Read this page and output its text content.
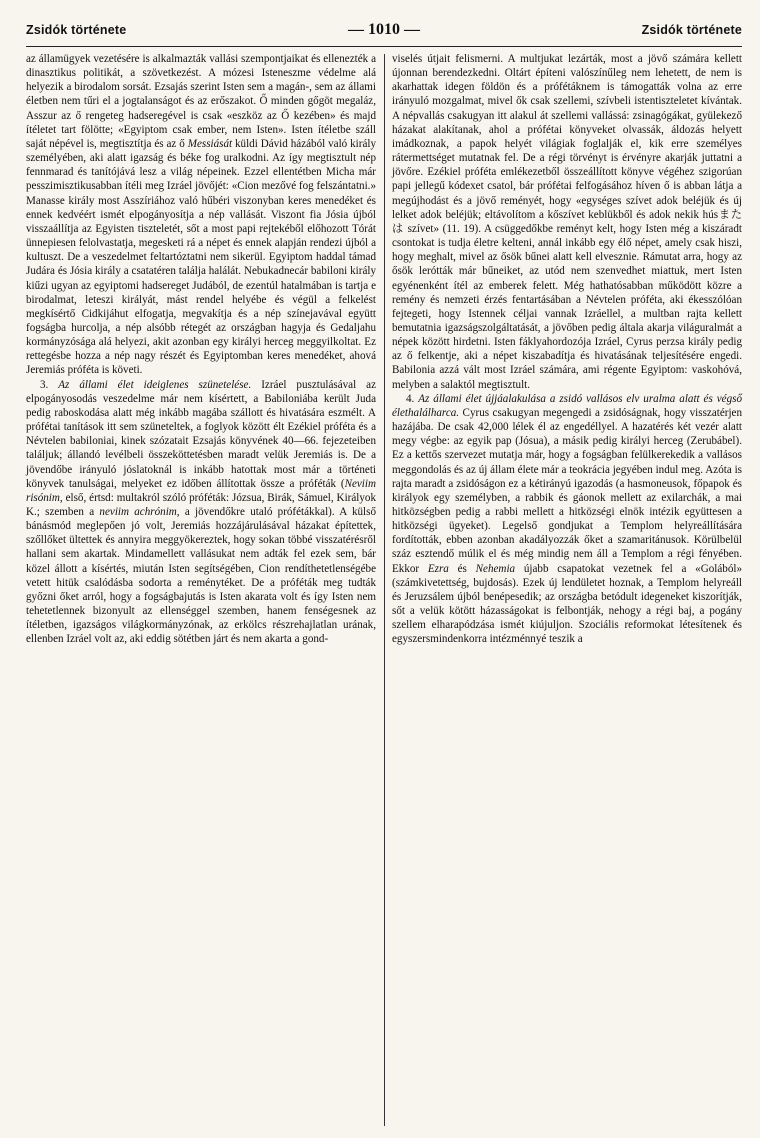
Zsidók története	— 1010 —	Zsidók története

az államügyek vezetésére is alkalmazták vallási szempontjaikat és ellenezték a dinasztikus politikát, a szövetkezést. A mózesi Isteneszme védelme alá helyezik a birodalom sorsát. Ezsajás szerint Isten sem a magán-, sem az állami életben nem tűri el a jogtalanságot és az erőszakot. Ő minden gőgöt megaláz, Asszur az ő rengeteg hadseregével is csak «eszköz az Ő kezében» és majd ítéletet tart fölötte; «Egyiptom csak ember, nem Isten». Isten ítéletbe száll saját népével is, megtisztítja és az ő Messiását küldi Dávid házából való király személyében, aki alatt igazság és béke fog uralkodni. Az így megtisztult nép fennmarad és tanítójává lesz a világ népeinek. Ezzel ellentétben Micha már pesszimisztikusabban ítéli meg Izráel jövőjét: «Cion mezővé fog felszántatni.» Manasse király most Asszíriához való hűbéri viszonyban keres menedéket és ennek kedvéért ismét elpogányosítja a nép vallását. Viszont fia Jósia újból visszaállítja az Egyisten tiszteletét, sőt a most papi rejtekéből előhozott Tórát ünnepiesen felolvastatja, megesketi rá a népet és ennek alapján rendezi újból a kultuszt. De a veszedelmet feltartóztatni nem sikerül. Egyiptom haddal támad Judára és Jósia király a csatatéren találja halálát. Nebukadnecár babiloni király kiűzi ugyan az egyiptomi hadsereget Judából, de ezentúl hatalmában is tartja e birodalmat, leteszi királyát, mást rendel helyébe és végül a felkelést megkísértő Cidkijáhut elfogatja, megvakítja és a nép színejavával együtt fogságba hurcolja, a nép alsóbb rétegét az országban hagyja és Gedaljahu kormányzósága alá helyezi, akit azonban egy királyi herceg meggyilkoltat. Ez rettegésbe hozza a nép nagy részét és Egyiptomban keres menedéket, ahová Jeremiás próféta is követi.

3. Az állami élet ideiglenes szünetelése. Izráel pusztulásával az elpogányosodás veszedelme már nem kísértett, a Babiloniába került Juda pedig raboskodása alatt még inkább magába szállott és hivatására eszmélt. A prófétai tanítások itt sem szüneteltek, a foglyok között élt Ezékiel próféta és a Névtelen babiloniai, kinek szózatait Ezsajás könyvének 40—66. fejezeteiben találjuk; állandó levélbeli összeköttetésben maradt velük Jeremiás is. De a jövendőbe irányuló jóslatoknál is inkább hatottak most már a történeti könyvek tanulságai, melyeket ez időben állítottak össze a próféták (Neviim risónim, első, értsd: multakról szóló próféták: Józsua, Birák, Sámuel, Királyok K.; szemben a neviim achrónim, a jövendőkre utaló prófétákkal). A külső bánásmód meglepően jó volt, Jeremiás hozzájárulásával házakat építettek, szőllőket ültettek és annyira meggyökereztek, hogy sokan többé visszatérésről hallani sem akartak. Mindamellett vallásukat nem adták fel ezek sem, bár közel állott a kísértés, miután Isten segítségében, Cion rendíthetetlenségébe vetett hitük csalódásba sodorta a reménytéket. De a próféták meg tudták győzni őket arról, hogy a fogságbajutás is Isten akarata volt és így Isten nem tehetetlennek bizonyult az ellenséggel szemben, hanem fenségesnek az ítéletben, igazságos világkormányzónak, az erkölcs részrehajlatlan urának, ellenben Izráel volt az, aki eddig sötétben járt és nem akarta a gond-

viselés útjait felismerni. A multjukat lezárták, most a jövő számára kellett újonnan berendezkedni. Oltárt építeni valószínűleg nem lehetett, de nem is akarhattak idegen földön és a prófétáknem is támogatták volna az erre irányuló mozgalmat, mivel ők csak szellemi, szívbeli istentiszteletet kívántak. A népvallás csakugyan itt alakul át szellemi vallássá: zsinagógákat, gyülekező házakat alakítanak, ahol a prófétai könyveket olvassák, áldozás helyett imádkoznak, a papok helyét világiak foglalják el, kik erre személyes rátermettséget mutatnak fel. De a régi törvényt is érvényre akarják juttatni a jövőre. Ezékiel próféta emlékezetből összeállított könyve végéhez szigorúan papi jellegű kódexet csatol, bár prófétai felfogásához híven ő is abban látja a megújhodást és a jövő reményét, hogy «egységes szívet adok beléjük és új lelket adok beléjük; eltávolítom a kőszívet keblükből és adok nekik húsまたは szívet» (11. 19). A csüggedőkbe reményt kelt, hogy Isten még a kiszáradt csontokat is tudja életre kelteni, annál inkább egy élő népet, amely csak hiszi, hogy meghalt, mivel az ősök bűnei alatt kell elvesznie. Rámutat arra, hogy az ősök lerótták már bűneiket, az utód nem szenvedhet miattuk, mert Isten egyénenként ítél az emberek felett. Még hathatósabban működött közre a remény és nemzeti érzés fentartásában a Névtelen próféta, aki ékesszólóan fejtegeti, hogy Istennek céljai vannak Izráellel, a multban rajta kellett bemutatnia igazságszolgáltatását, a jövőben pedig általa akarja világuralmát a népek között hirdetni. Isten fáklyahordozója Izráel, Cyrus perzsa király pedig az ő felkentje, aki a népet kiszabadítja és hivatásának teljesítésére engedi. Babilonia azzá vált most Izráel számára, ami régente Egyiptom: vaskohóvá, melyben a salaktól megtisztult.

4. Az állami élet újjáalakulása a zsidó vallásos elv uralma alatt és végső élethalálharca. Cyrus csakugyan megengedi a zsidóságnak, hogy visszatérjen hazájába. De csak 42,000 lélek él az engedéllyel. A hazatérés két vezér alatt megy végbe: az egyik pap (Jósua), a másik pedig királyi herceg (Zerubábel). Ez a kettős szervezet mutatja már, hogy a fogságban felülkerekedik a vallásos meggondolás és az új állam élete már a teokrácia jegyében indul meg. Azóta is rajta maradt a zsidóságon ez a kétirányú igazodás (a hasmoneusok, főpapok és királyok egy személyben, a rabbik és gáonok mellett az exilarchák, a mai hitközségben pedig a rabbi mellett a hitközségi elnök intézik együttesen a hitközségi ügyeket). Legelső gondjukat a Templom helyreállítására fordították, ebben azonban akadályozzák őket a szamaritánusok. Körülbelül száz esztendő múlik el és még mindig nem áll a Templom a régi fényében. Ekkor Ezra és Nehemia újabb csapatokat vezetnek fel a «Golából» (számkivetettség, bujdosás). Ezek új lendületet hoznak, a Templom helyreáll és Jeruzsálem újból benépesedik; az országba betódult idegeneket kiszorítják, sőt a velük kötött házasságokat is felbontják, nehogy a régi baj, a pogány szellem elharapódzása ismét kiújuljon. Szociális reformokat létesítenek és egyszersmindenkorra intézménnyé teszik a
